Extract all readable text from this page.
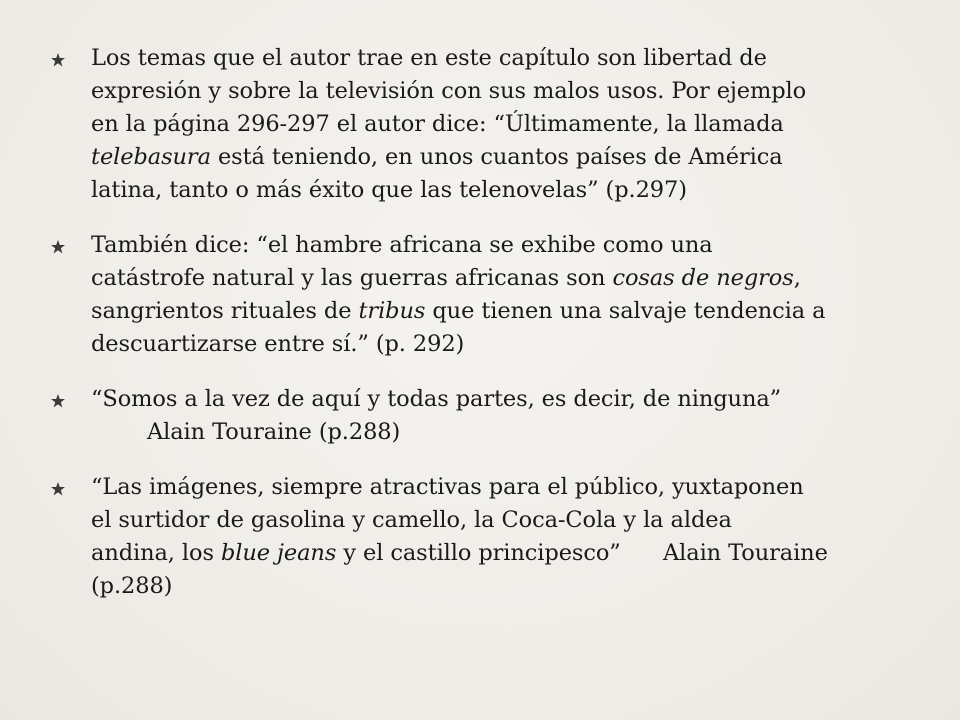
Los temas que el autor trae en este capítulo son libertad de
expresión y sobre la televisión con sus malos usos. Por ejemplo
en la página 296-297 el autor dice: “Últimamente, la llamada
telebasura está teniendo, en unos cuantos países de América
latina, tanto o más éxito que las telenovelas” (p.297)
También dice: “el hambre africana se exhibe como una
catástrofe natural y las guerras africanas son cosas de negros,
sangrientos rituales de tribus que tienen una salvaje tendencia a
descuartizarse entre sí.” (p. 292)
“Somos a la vez de aquí y todas partes, es decir, de ninguna”
Alain Touraine (p.288)
“Las imágenes, siempre atractivas para el público, yuxtaponen
el surtidor de gasolina y camello, la Coca-Cola y la aldea
andina, los blue jeans y el castillo principesco”      Alain Touraine
(p.288)
